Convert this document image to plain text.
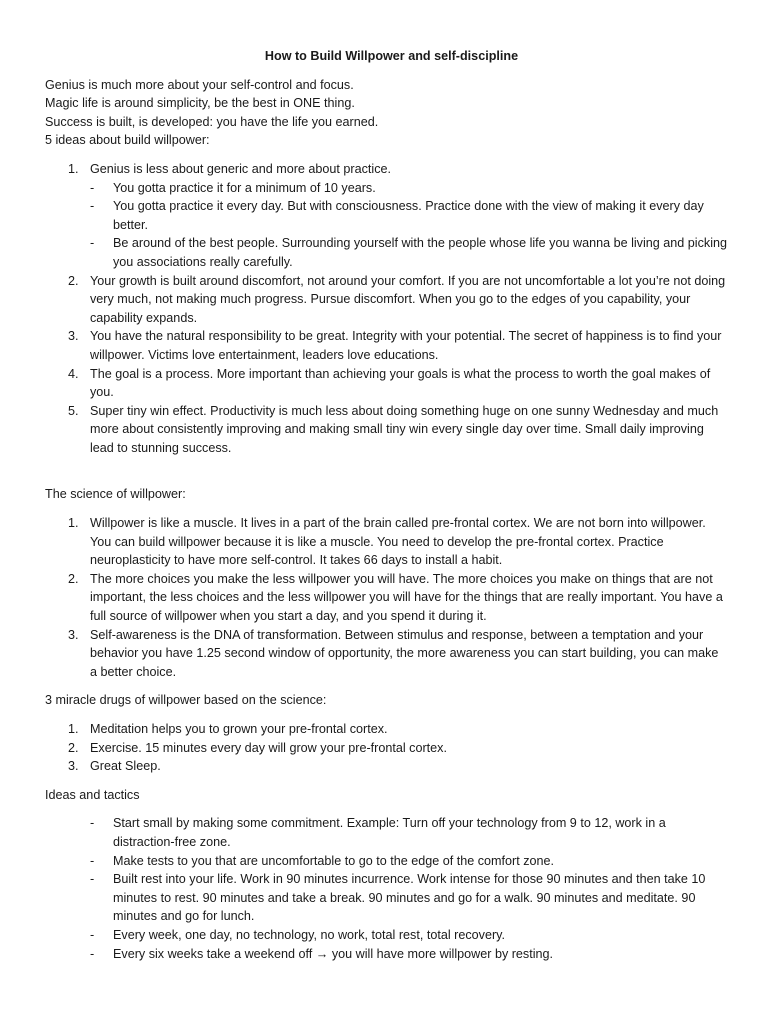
How to Build Willpower and self-discipline

Genius is much more about your self-control and focus.

Magic life is around simplicity, be the best in ONE thing.

Success is built, is developed: you have the life you earned.

5 ideas about build willpower:

1. Genius is less about generic and more about practice.
- You gotta practice it for a minimum of 10 years.
- You gotta practice it every day. But with consciousness. Practice done with the view of making it every day better.
- Be around of the best people. Surrounding yourself with the people whose life you wanna be living and picking you associations really carefully.
2. Your growth is built around discomfort, not around your comfort. If you are not uncomfortable a lot you’re not doing very much, not making much progress. Pursue discomfort. When you go to the edges of you capability, your capability expands.
3. You have the natural responsibility to be great. Integrity with your potential. The secret of happiness is to find your willpower. Victims love entertainment, leaders love educations.
4. The goal is a process. More important than achieving your goals is what the process to worth the goal makes of you.
5. Super tiny win effect. Productivity is much less about doing something huge on one sunny Wednesday and much more about consistently improving and making small tiny win every single day over time. Small daily improving lead to stunning success.

The science of willpower:

1. Willpower is like a muscle. It lives in a part of the brain called pre-frontal cortex. We are not born into willpower. You can build willpower because it is like a muscle. You need to develop the pre-frontal cortex. Practice neuroplasticity to have more self-control. It takes 66 days to install a habit.
2. The more choices you make the less willpower you will have. The more choices you make on things that are not important, the less choices and the less willpower you will have for the things that are really important. You have a full source of willpower when you start a day, and you spend it during it.
3. Self-awareness is the DNA of transformation. Between stimulus and response, between a temptation and your behavior you have 1.25 second window of opportunity, the more awareness you can start building, you can make a better choice.

3 miracle drugs of willpower based on the science:

1. Meditation helps you to grown your pre-frontal cortex.
2. Exercise. 15 minutes every day will grow your pre-frontal cortex.
3. Great Sleep.

Ideas and tactics

- Start small by making some commitment. Example: Turn off your technology from 9 to 12, work in a distraction-free zone.
- Make tests to you that are uncomfortable to go to the edge of the comfort zone.
- Built rest into your life. Work in 90 minutes incurrence. Work intense for those 90 minutes and then take 10 minutes to rest. 90 minutes and take a break. 90 minutes and go for a walk. 90 minutes and meditate. 90 minutes and go for lunch.
- Every week, one day, no technology, no work, total rest, total recovery.
- Every six weeks take a weekend off → you will have more willpower by resting.
